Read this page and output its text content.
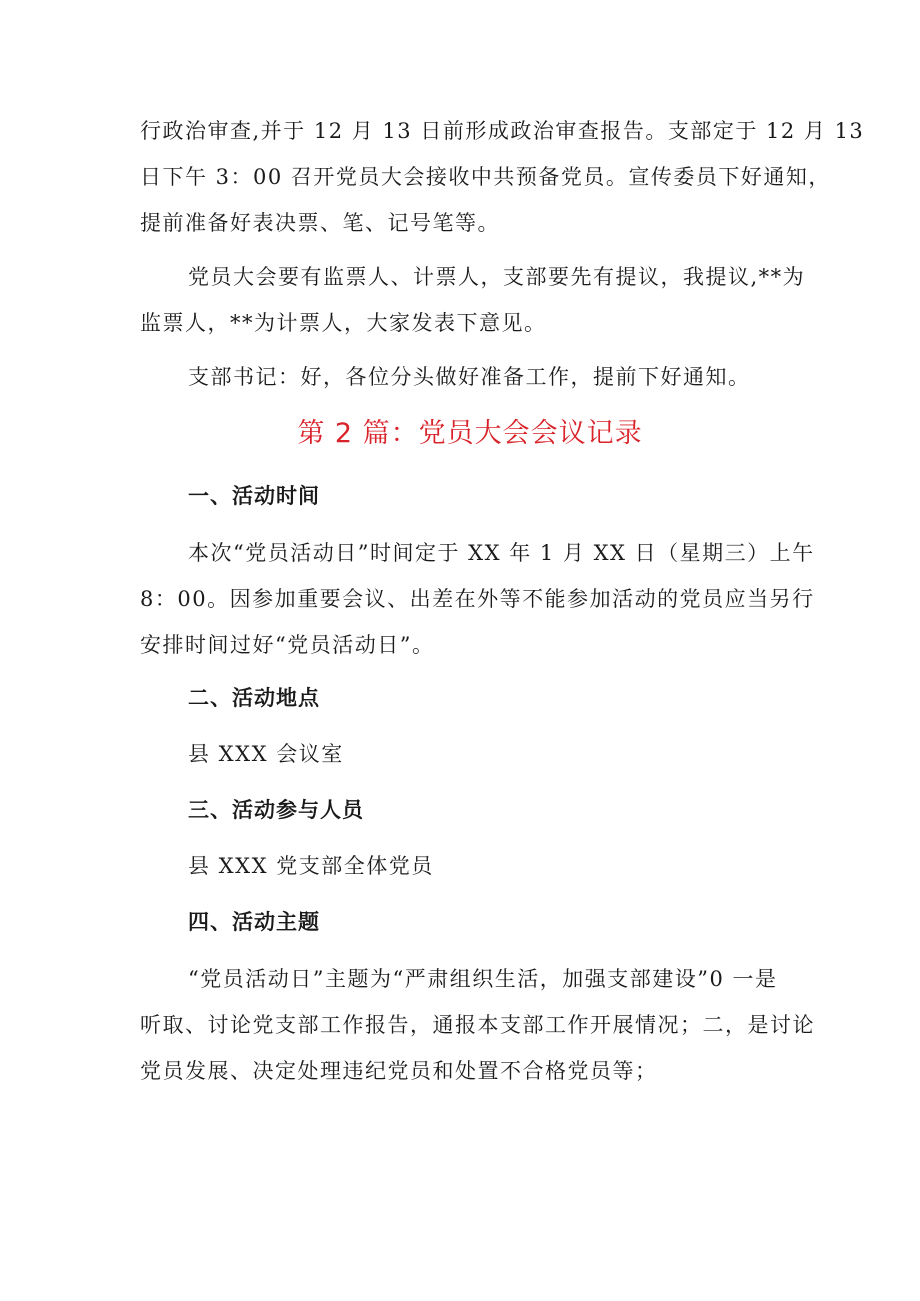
行政治审查,并于 12 月 13 日前形成政治审查报告。支部定于 12 月 13
日下午 3：00 召开党员大会接收中共预备党员。宣传委员下好通知，
提前准备好表决票、笔、记号笔等。

党员大会要有监票人、计票人，支部要先有提议，我提议,**为
监票人，**为计票人，大家发表下意见。

支部书记：好，各位分头做好准备工作，提前下好通知。

第 2 篇：党员大会会议记录
一、活动时间

本次“党员活动日”时间定于 XX 年 1 月 XX 日（星期三）上午
8：00。因参加重要会议、出差在外等不能参加活动的党员应当另行
安排时间过好“党员活动日”。

二、活动地点
县 XXX 会议室
三、活动参与人员
县 XXX 党支部全体党员
四、活动主题

“党员活动日”主题为“严肃组织生活，加强支部建设”0 一是
听取、讨论党支部工作报告，通报本支部工作开展情况；二，是讨论
党员发展、决定处理违纪党员和处置不合格党员等；
